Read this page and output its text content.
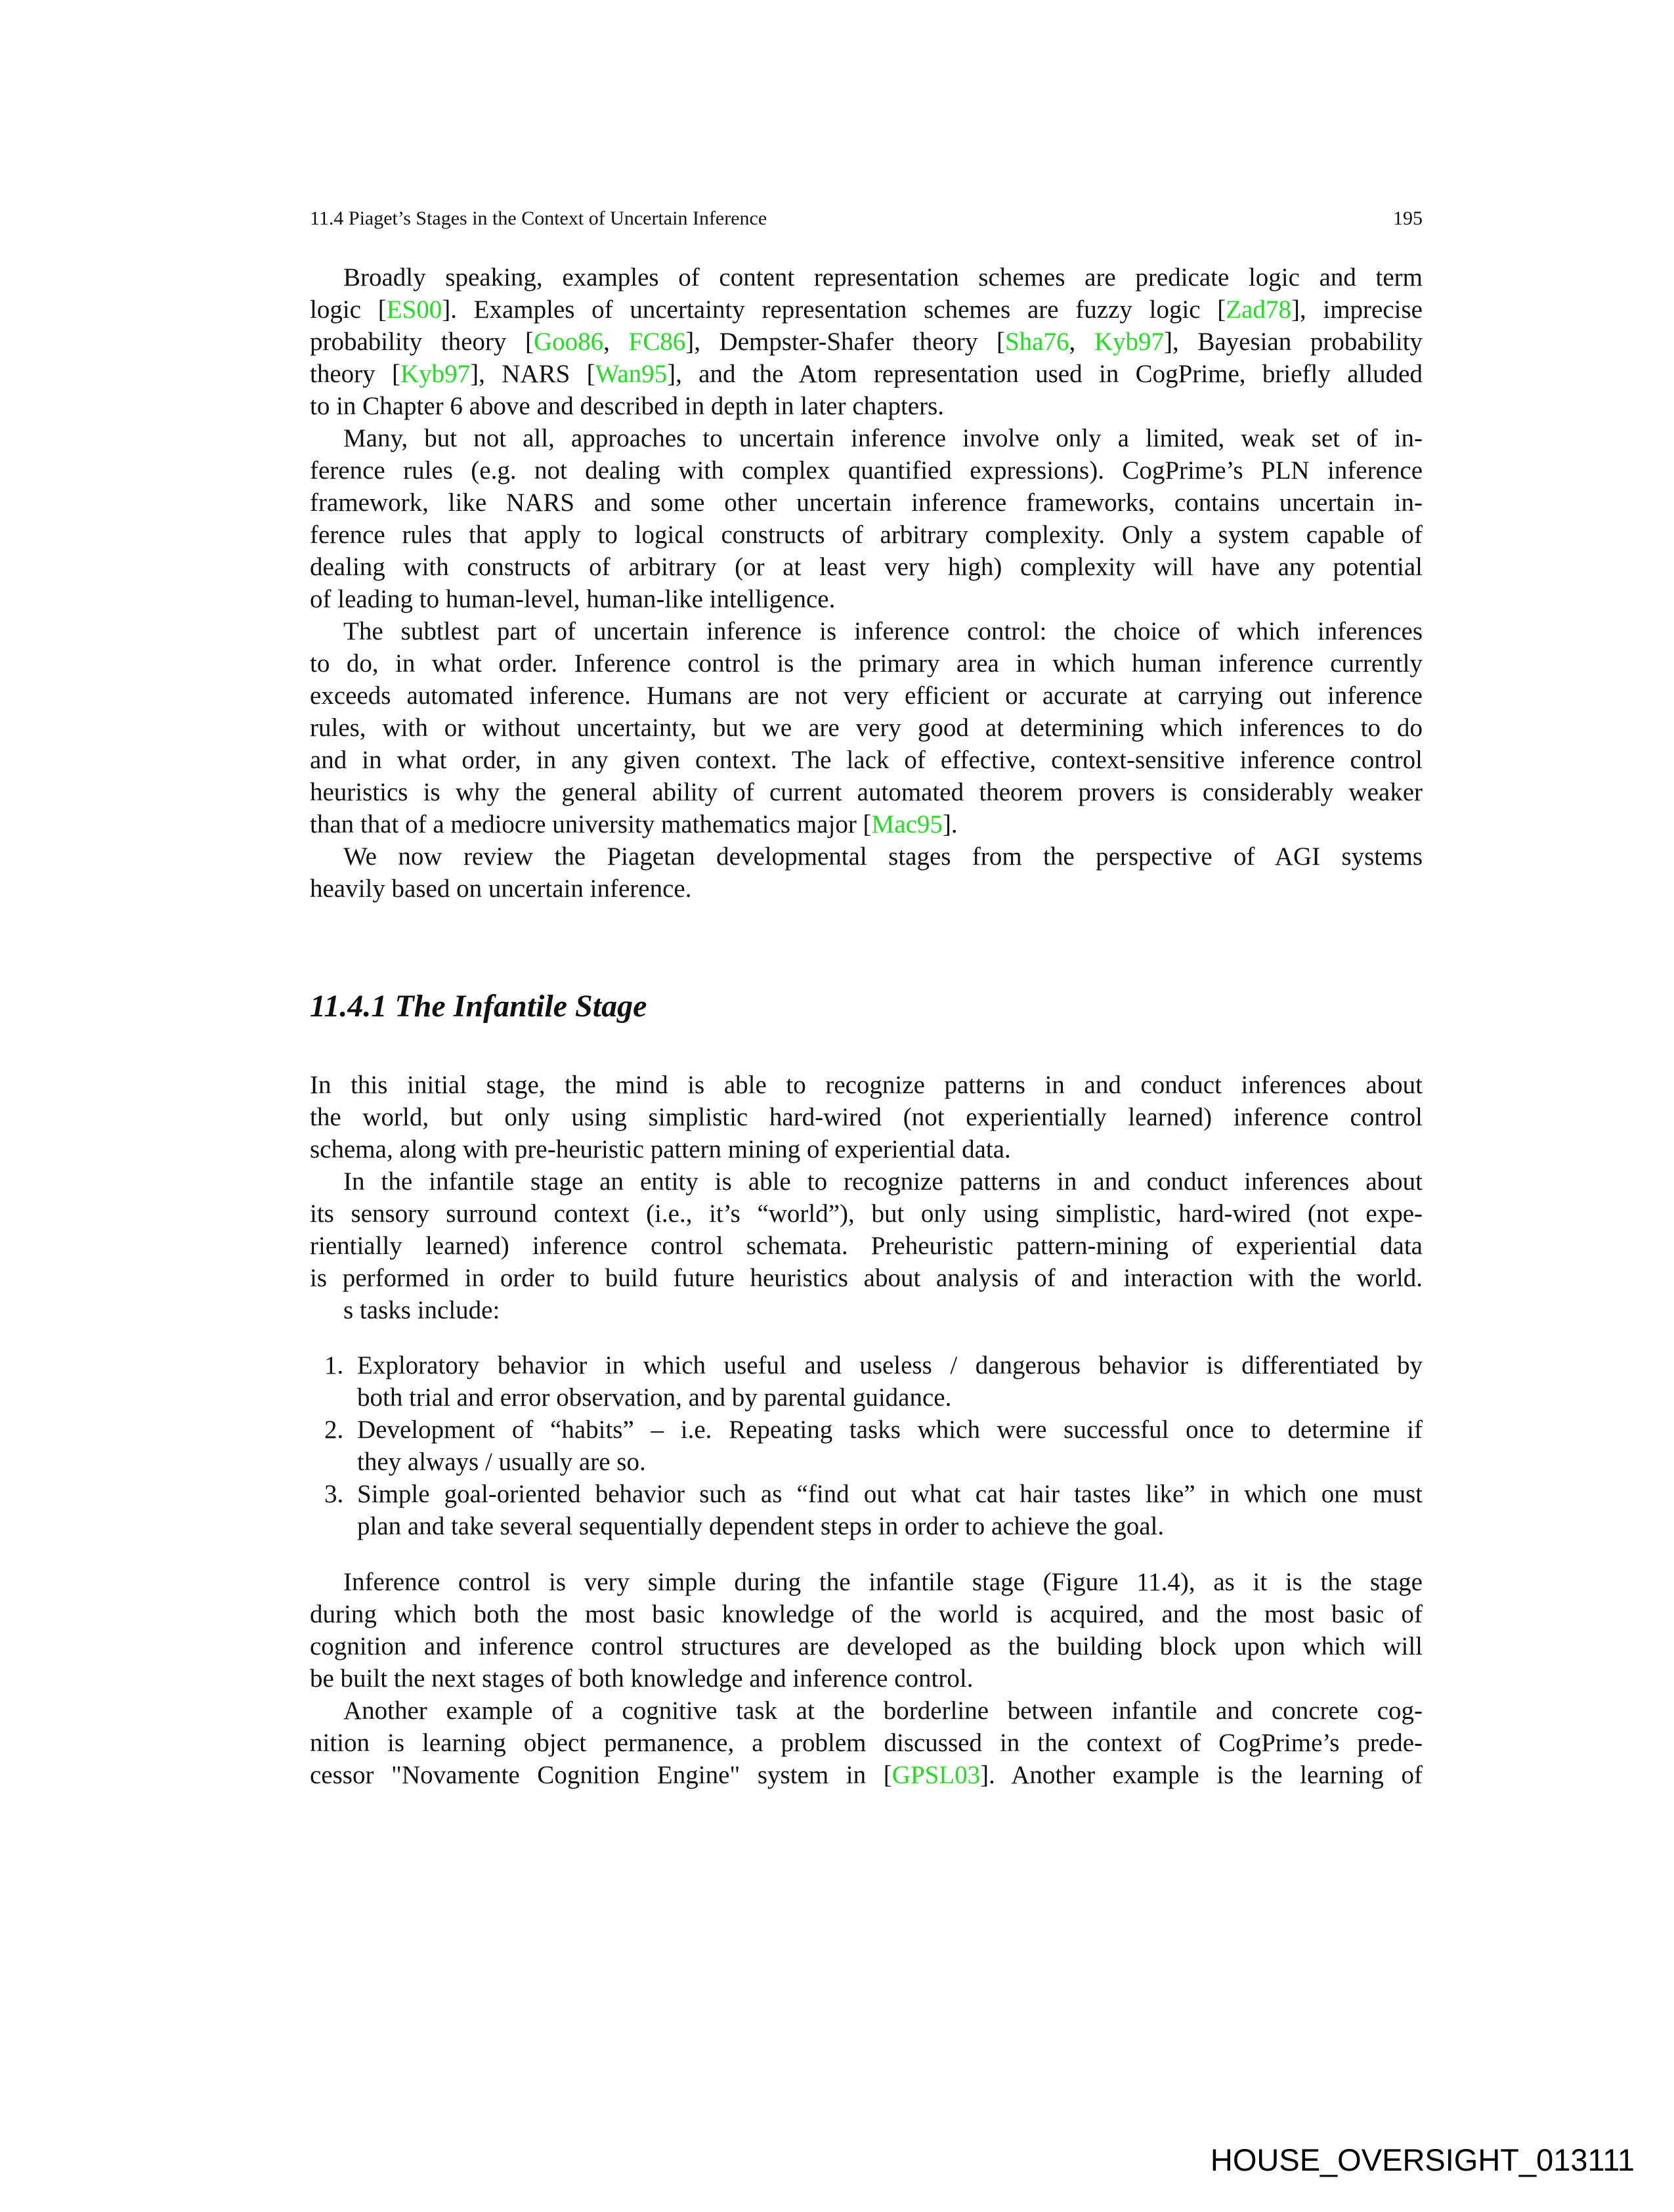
11.4 Piaget’s Stages in the Context of Uncertain Inference	195
Broadly speaking, examples of content representation schemes are predicate logic and term
logic [ES00]. Examples of uncertainty representation schemes are fuzzy logic [Zad78], imprecise
probability theory [Goo86, FC86], Dempster-Shafer theory [Sha76, Kyb97], Bayesian probability
theory [Kyb97], NARS [Wan95], and the Atom representation used in CogPrime, briefly alluded
to in Chapter 6 above and described in depth in later chapters.
Many, but not all, approaches to uncertain inference involve only a limited, weak set of in-
ference rules (e.g. not dealing with complex quantified expressions). CogPrime’s PLN inference
framework, like NARS and some other uncertain inference frameworks, contains uncertain in-
ference rules that apply to logical constructs of arbitrary complexity. Only a system capable of
dealing with constructs of arbitrary (or at least very high) complexity will have any potential
of leading to human-level, human-like intelligence.
The subtlest part of uncertain inference is inference control: the choice of which inferences
to do, in what order. Inference control is the primary area in which human inference currently
exceeds automated inference. Humans are not very efficient or accurate at carrying out inference
rules, with or without uncertainty, but we are very good at determining which inferences to do
and in what order, in any given context. The lack of effective, context-sensitive inference control
heuristics is why the general ability of current automated theorem provers is considerably weaker
than that of a mediocre university mathematics major [Mac95].
We now review the Piagetan developmental stages from the perspective of AGI systems
heavily based on uncertain inference.
11.4.1 The Infantile Stage
In this initial stage, the mind is able to recognize patterns in and conduct inferences about
the world, but only using simplistic hard-wired (not experientially learned) inference control
schema, along with pre-heuristic pattern mining of experiential data.
In the infantile stage an entity is able to recognize patterns in and conduct inferences about
its sensory surround context (i.e., it’s “world”), but only using simplistic, hard-wired (not expe-
rientially learned) inference control schemata. Preheuristic pattern-mining of experiential data
is performed in order to build future heuristics about analysis of and interaction with the world.
s tasks include:
1. Exploratory behavior in which useful and useless / dangerous behavior is differentiated by
both trial and error observation, and by parental guidance.
2. Development of “habits” – i.e. Repeating tasks which were successful once to determine if
they always / usually are so.
3. Simple goal-oriented behavior such as “find out what cat hair tastes like” in which one must
plan and take several sequentially dependent steps in order to achieve the goal.
Inference control is very simple during the infantile stage (Figure 11.4), as it is the stage
during which both the most basic knowledge of the world is acquired, and the most basic of
cognition and inference control structures are developed as the building block upon which will
be built the next stages of both knowledge and inference control.
Another example of a cognitive task at the borderline between infantile and concrete cog-
nition is learning object permanence, a problem discussed in the context of CogPrime’s prede-
cessor "Novamente Cognition Engine" system in [GPSL03]. Another example is the learning of
HOUSE_OVERSIGHT_013111
